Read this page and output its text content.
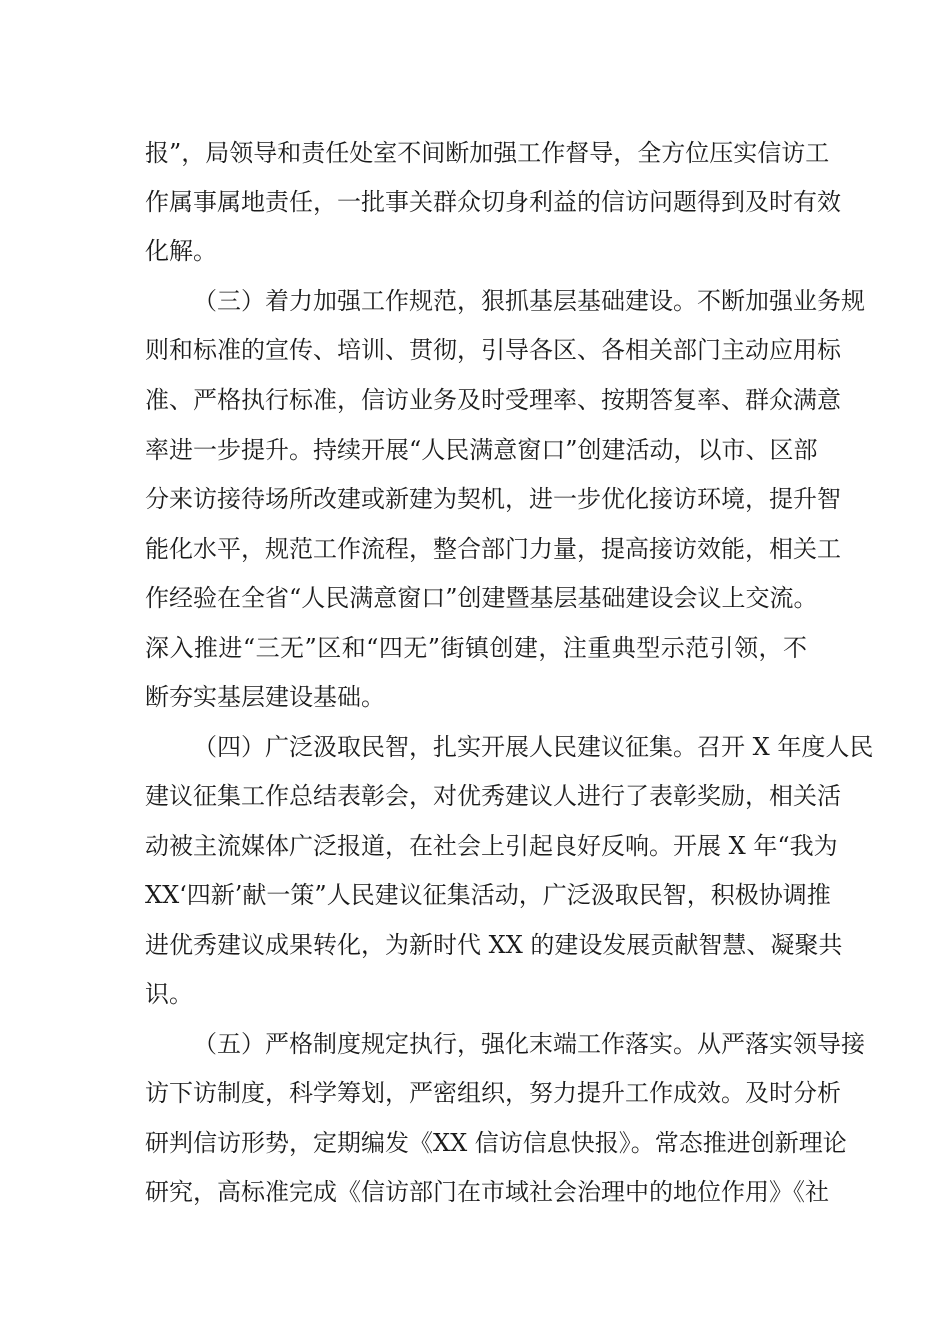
报”，局领导和责任处室不间断加强工作督导，全方位压实信访工
作属事属地责任，一批事关群众切身利益的信访问题得到及时有效
化解。
（三）着力加强工作规范，狠抓基层基础建设。不断加强业务规
则和标准的宣传、培训、贯彻，引导各区、各相关部门主动应用标
准、严格执行标准，信访业务及时受理率、按期答复率、群众满意
率进一步提升。持续开展“人民满意窗口”创建活动，以市、区部
分来访接待场所改建或新建为契机，进一步优化接访环境，提升智
能化水平，规范工作流程，整合部门力量，提高接访效能，相关工
作经验在全省“人民满意窗口”创建暨基层基础建设会议上交流。
深入推进“三无”区和“四无”街镇创建，注重典型示范引领，不
断夯实基层建设基础。
（四）广泛汲取民智，扎实开展人民建议征集。召开 X 年度人民
建议征集工作总结表彰会，对优秀建议人进行了表彰奖励，相关活
动被主流媒体广泛报道，在社会上引起良好反响。开展 X 年“我为
XX‘四新’献一策”人民建议征集活动，广泛汲取民智，积极协调推
进优秀建议成果转化，为新时代 XX 的建设发展贡献智慧、凝聚共
识。
（五）严格制度规定执行，强化末端工作落实。从严落实领导接
访下访制度，科学筹划，严密组织，努力提升工作成效。及时分析
研判信访形势，定期编发《XX 信访信息快报》。常态推进创新理论
研究，高标准完成《信访部门在市域社会治理中的地位作用》《社
